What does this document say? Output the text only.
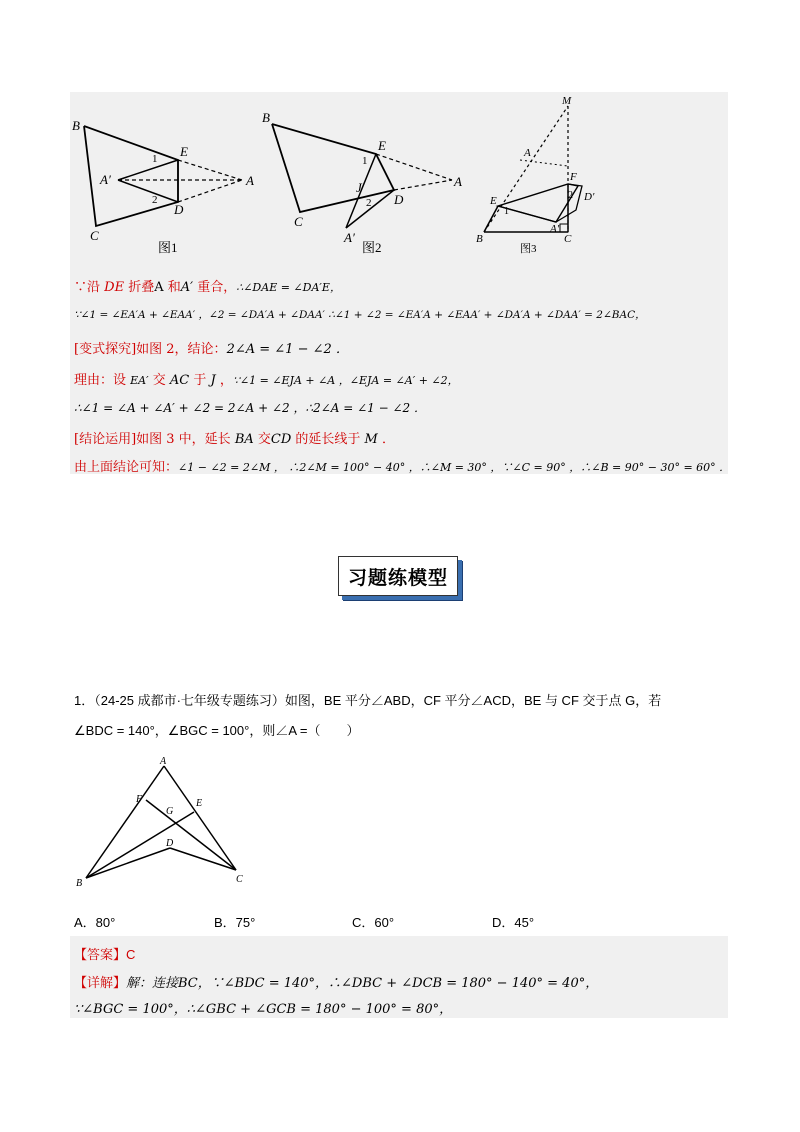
B
C
E
D
A′	A
1
2
图1
B
C
E
D
J
A′
A
1
2
图2
M
A
F
D′
E
A′
B	C
1
2
图3
∵沿 DE 折叠A 和A′ 重合，∴∠DAE = ∠DA′E，
∵∠1 = ∠EA′A + ∠EAA′ ，∠2 = ∠DA′A + ∠DAA′ ∴∠1 + ∠2 = ∠EA′A + ∠EAA′ + ∠DA′A + ∠DAA′ = 2∠BAC，
[变式探究]如图 2，结论：2∠A = ∠1 − ∠2 ．
理由：设 EA′ 交 AC 于 J ，∵∠1 = ∠EJA + ∠A ，∠EJA = ∠A′ + ∠2，
∴∠1 = ∠A + ∠A′ + ∠2 = 2∠A + ∠2 ，∴2∠A = ∠1 − ∠2 ．
[结论运用]如图 3 中，延长 BA 交CD 的延长线于 M ．
由上面结论可知：∠1 − ∠2 = 2∠M ， ∴2∠M = 100° − 40° ，∴∠M = 30° ，∵∠C = 90° ，∴∠B = 90° − 30° = 60° ．
习题练模型
1．（24-25 成都市·七年级专题练习）如图，BE 平分∠ABD，CF 平分∠ACD，BE 与 CF 交于点 G，若
∠BDC = 140°，∠BGC = 100°，则∠A =（　　）
A
F
G
E
D
B	C
A．80°	B．75°	C．60°	D．45°
【答案】C
【详解】解：连接BC，∵∠BDC = 140°，∴∠DBC + ∠DCB = 180° − 140° = 40°，
∵∠BGC = 100°，∴∠GBC + ∠GCB = 180° − 100° = 80°，
